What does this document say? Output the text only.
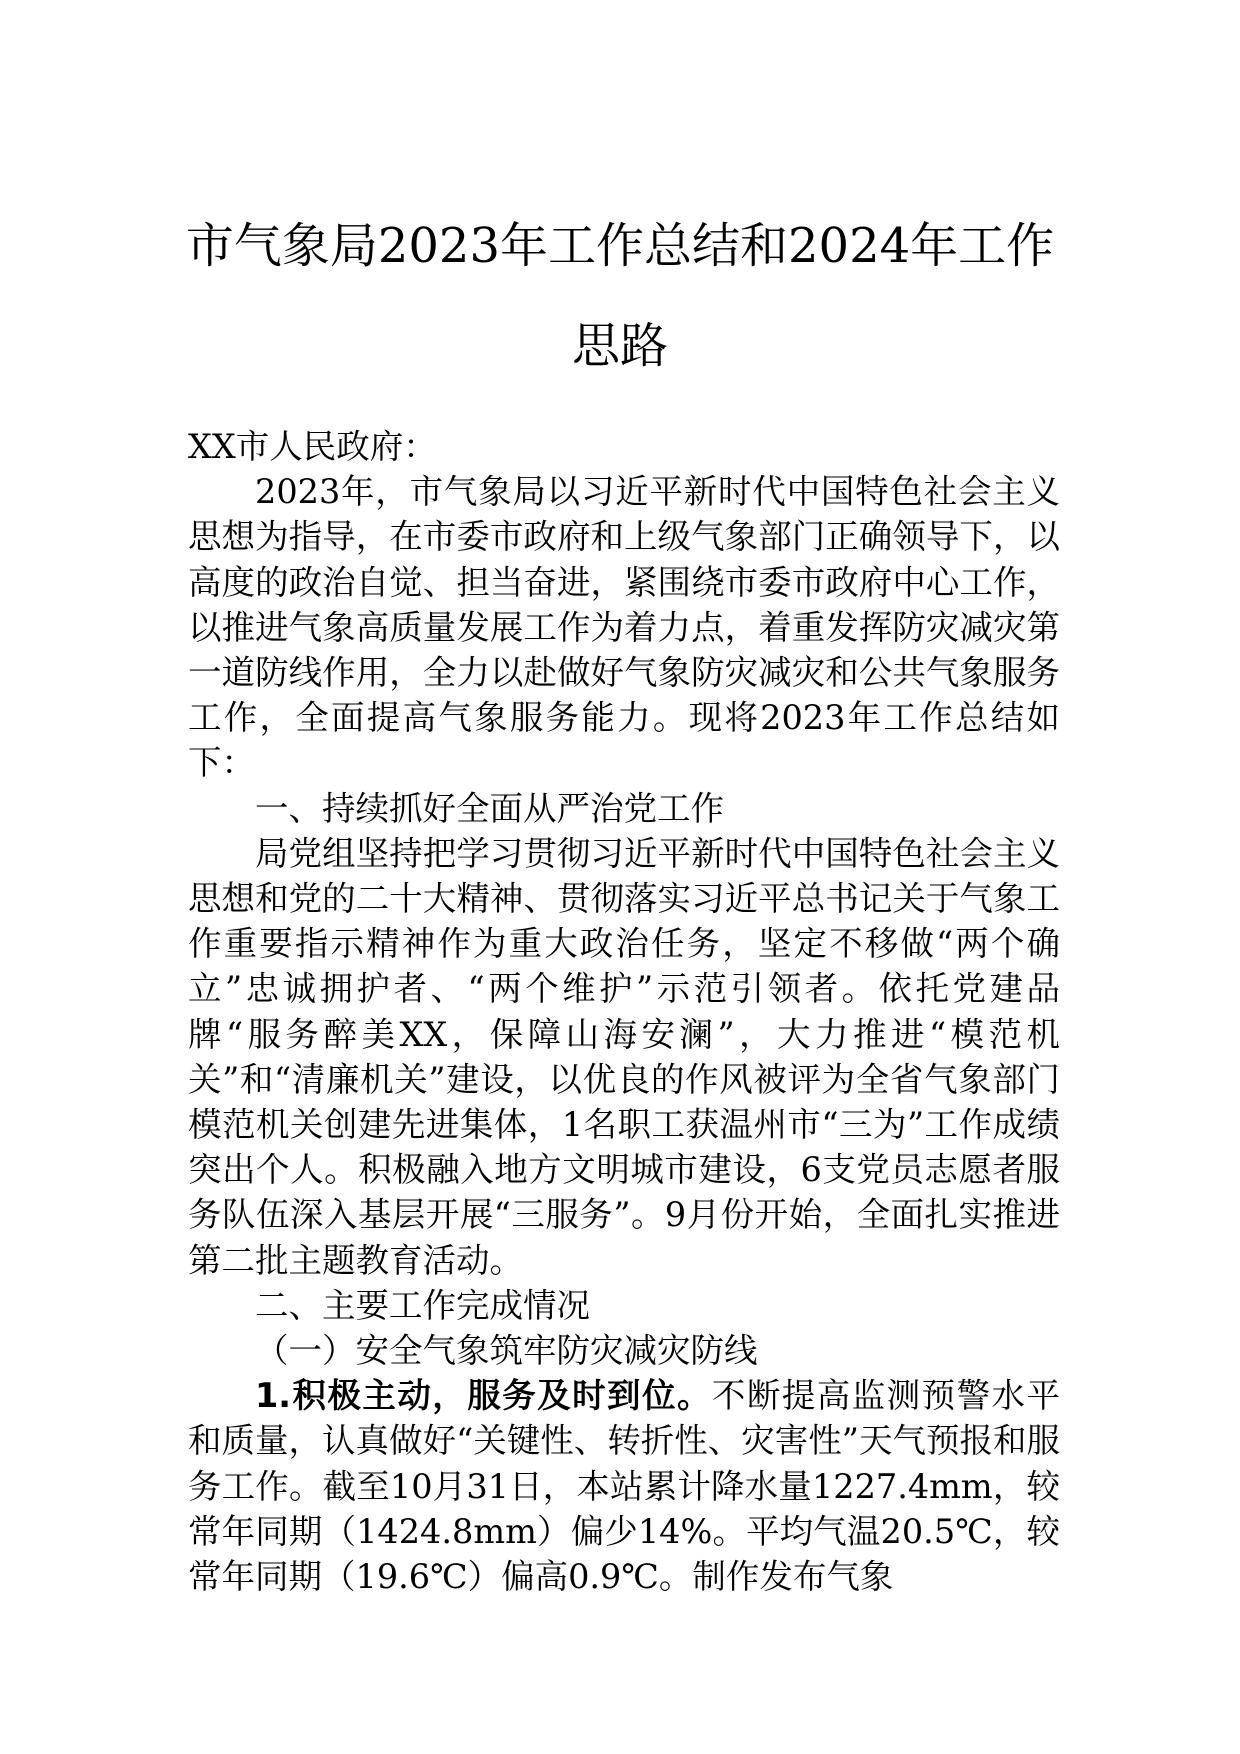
市气象局2023年工作总结和2024年工作思路

XX市人民政府：

2023年，市气象局以习近平新时代中国特色社会主义思想为指导，在市委市政府和上级气象部门正确领导下，以高度的政治自觉、担当奋进，紧围绕市委市政府中心工作，以推进气象高质量发展工作为着力点，着重发挥防灾减灾第一道防线作用，全力以赴做好气象防灾减灾和公共气象服务工作，全面提高气象服务能力。现将2023年工作总结如下：

一、持续抓好全面从严治党工作

局党组坚持把学习贯彻习近平新时代中国特色社会主义思想和党的二十大精神、贯彻落实习近平总书记关于气象工作重要指示精神作为重大政治任务，坚定不移做“两个确立”忠诚拥护者、“两个维护”示范引领者。依托党建品牌“服务醉美XX，保障山海安澜”，大力推进“模范机关”和“清廉机关”建设，以优良的作风被评为全省气象部门模范机关创建先进集体，1名职工获温州市“三为”工作成绩突出个人。积极融入地方文明城市建设，6支党员志愿者服务队伍深入基层开展“三服务”。9月份开始，全面扎实推进第二批主题教育活动。

二、主要工作完成情况

（一）安全气象筑牢防灾减灾防线

1.积极主动，服务及时到位。不断提高监测预警水平和质量，认真做好“关键性、转折性、灾害性”天气预报和服务工作。截至10月31日，本站累计降水量1227.4mm，较常年同期（1424.8mm）偏少14%。平均气温20.5℃，较常年同期（19.6℃）偏高0.9℃。制作发布气象
